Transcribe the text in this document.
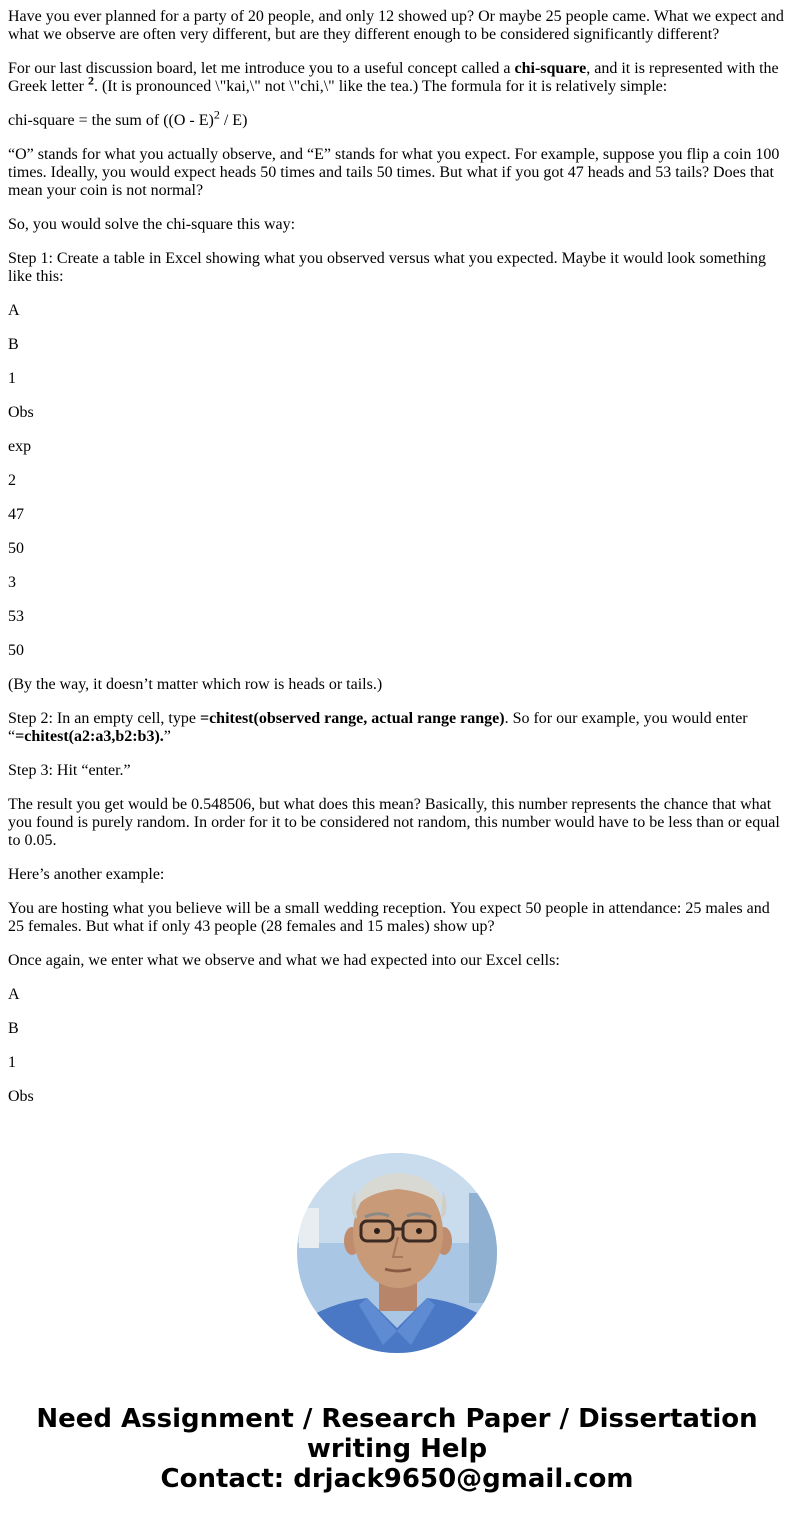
Have you ever planned for a party of 20 people, and only 12 showed up? Or maybe 25 people came. What we expect and what we observe are often very different, but are they different enough to be considered significantly different?

For our last discussion board, let me introduce you to a useful concept called a chi-square, and it is represented with the Greek letter $^2$. (It is pronounced \"kai,\" not \"chi,\" like the tea.) The formula for it is relatively simple:

chi-square = the sum of ((O - E)$^2$ / E)

“O” stands for what you actually observe, and “E” stands for what you expect. For example, suppose you flip a coin 100 times. Ideally, you would expect heads 50 times and tails 50 times. But what if you got 47 heads and 53 tails? Does that mean your coin is not normal?

So, you would solve the chi-square this way:

Step 1: Create a table in Excel showing what you observed versus what you expected. Maybe it would look something like this:

A

B

1

Obs

exp

2

47

50

3

53

50

(By the way, it doesn’t matter which row is heads or tails.)

Step 2: In an empty cell, type =chitest(observed range, actual range range). So for our example, you would enter “=chitest(a2:a3,b2:b3).”

Step 3: Hit “enter.”

The result you get would be 0.548506, but what does this mean? Basically, this number represents the chance that what you found is purely random. In order for it to be considered not random, this number would have to be less than or equal to 0.05.

Here’s another example:

You are hosting what you believe will be a small wedding reception. You expect 50 people in attendance: 25 males and 25 females. But what if only 43 people (28 females and 15 males) show up?

Once again, we enter what we observe and what we had expected into our Excel cells:

A

B

1

Obs

Need Assignment / Research Paper / Dissertation
writing Help
Contact: drjack9650@gmail.com
